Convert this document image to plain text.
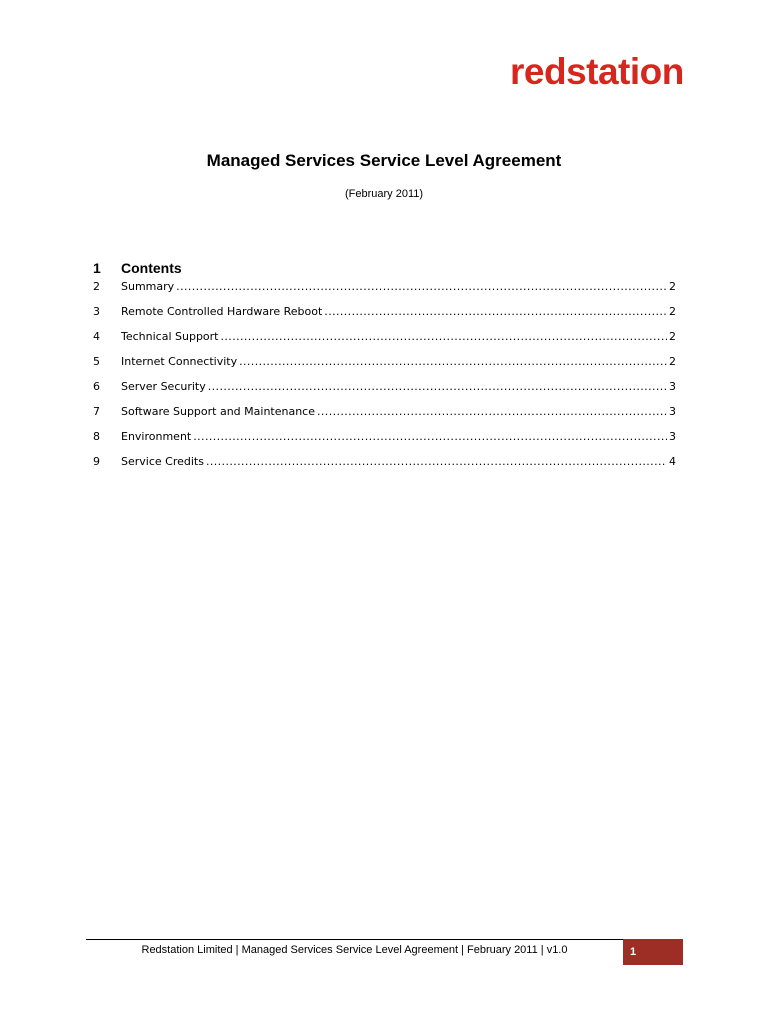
redstation
Managed Services Service Level Agreement
(February 2011)
1 Contents
2	Summary .....	2
3	Remote Controlled Hardware Reboot .....	2
4	Technical Support .....	2
5	Internet Connectivity .....	2
6	Server Security .....	3
7	Software Support and Maintenance .....	3
8	Environment .....	3
9	Service Credits .....	4
Redstation Limited | Managed Services Service Level Agreement | February 2011 | v1.0	1
